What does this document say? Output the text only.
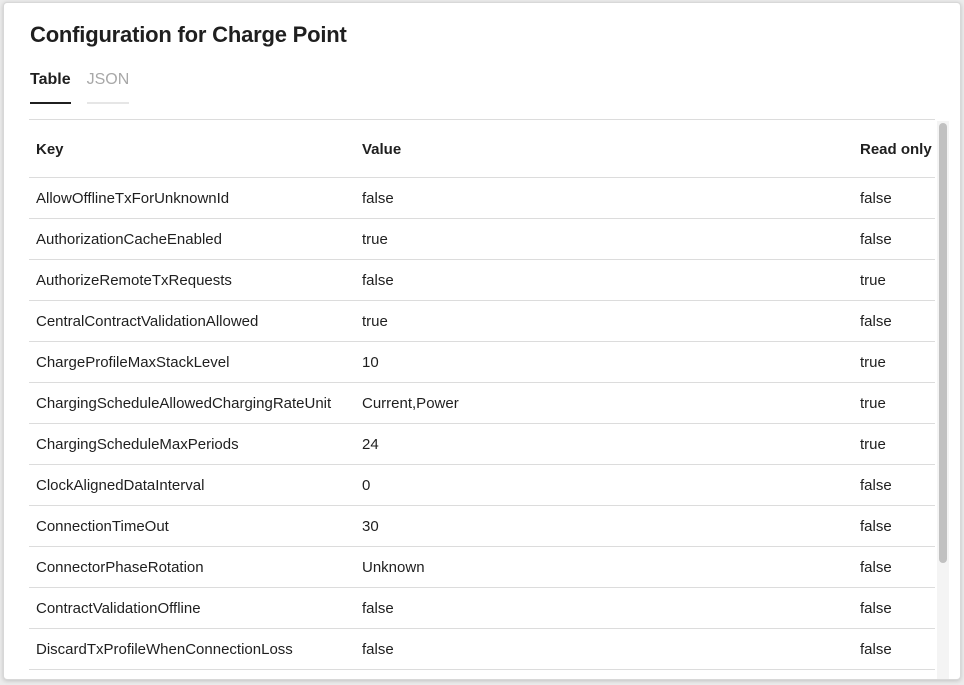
Configuration for Charge Point
Table JSON
Key	Value	Read only
AllowOfflineTxForUnknownId	false	false
AuthorizationCacheEnabled	true	false
AuthorizeRemoteTxRequests	false	true
CentralContractValidationAllowed	true	false
ChargeProfileMaxStackLevel	10	true
ChargingScheduleAllowedChargingRateUnit Current,Power	true
ChargingScheduleMaxPeriods	24	true
ClockAlignedDataInterval	0	false
ConnectionTimeOut	30	false
ConnectorPhaseRotation	Unknown	false
ContractValidationOffline	false	false
DiscardTxProfileWhenConnectionLoss	false	false
